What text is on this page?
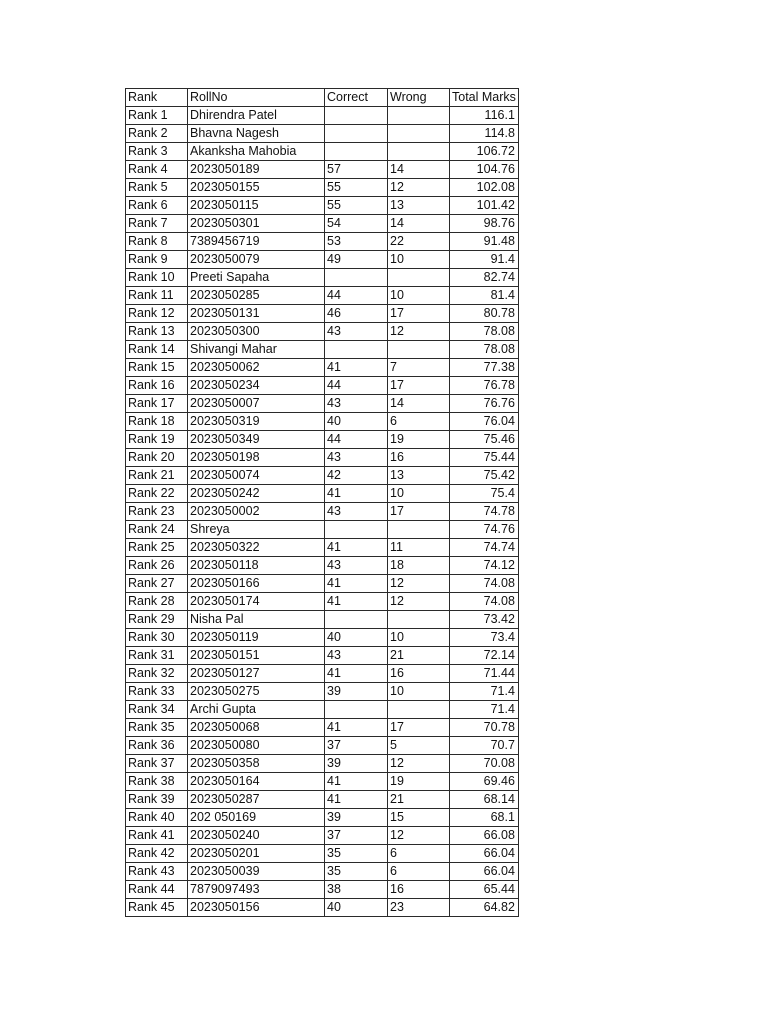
Rank	RollNo	Correct	Wrong	Total Marks
Rank 1	Dhirendra Patel			116.1
Rank 2	Bhavna Nagesh			114.8
Rank 3	Akanksha Mahobia			106.72
Rank 4	2023050189	57	14	104.76
Rank 5	2023050155	55	12	102.08
Rank 6	2023050115	55	13	101.42
Rank 7	2023050301	54	14	98.76
Rank 8	7389456719	53	22	91.48
Rank 9	2023050079	49	10	91.4
Rank 10	Preeti Sapaha			82.74
Rank 11	2023050285	44	10	81.4
Rank 12	2023050131	46	17	80.78
Rank 13	2023050300	43	12	78.08
Rank 14	Shivangi Mahar			78.08
Rank 15	2023050062	41	7	77.38
Rank 16	2023050234	44	17	76.78
Rank 17	2023050007	43	14	76.76
Rank 18	2023050319	40	6	76.04
Rank 19	2023050349	44	19	75.46
Rank 20	2023050198	43	16	75.44
Rank 21	2023050074	42	13	75.42
Rank 22	2023050242	41	10	75.4
Rank 23	2023050002	43	17	74.78
Rank 24	Shreya			74.76
Rank 25	2023050322	41	11	74.74
Rank 26	2023050118	43	18	74.12
Rank 27	2023050166	41	12	74.08
Rank 28	2023050174	41	12	74.08
Rank 29	Nisha Pal			73.42
Rank 30	2023050119	40	10	73.4
Rank 31	2023050151	43	21	72.14
Rank 32	2023050127	41	16	71.44
Rank 33	2023050275	39	10	71.4
Rank 34	Archi Gupta			71.4
Rank 35	2023050068	41	17	70.78
Rank 36	2023050080	37	5	70.7
Rank 37	2023050358	39	12	70.08
Rank 38	2023050164	41	19	69.46
Rank 39	2023050287	41	21	68.14
Rank 40	202 050169	39	15	68.1
Rank 41	2023050240	37	12	66.08
Rank 42	2023050201	35	6	66.04
Rank 43	2023050039	35	6	66.04
Rank 44	7879097493	38	16	65.44
Rank 45	2023050156	40	23	64.82
